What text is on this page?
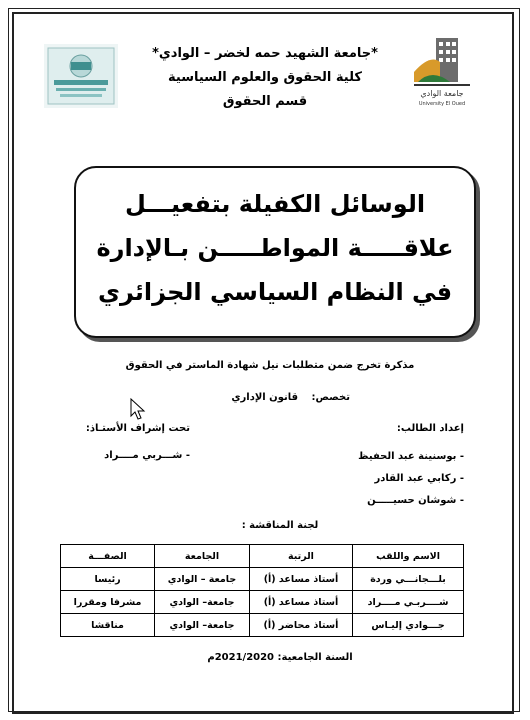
جامعة الوادي
University El Oued
*جامعة الشهيد حمه لخضر – الوادي*
كلية الحقوق والعلوم السياسية
قسم الحقوق
الوسائل الكفيلة بتفعيـــل
علاقـــــة المواطـــــن بـالإدارة
في النظام السياسي الجزائري
مذكرة تخرج ضمن متطلبات نيل شهادة الماستر في الحقوق
تخصص: قانون الإداري
إعداد الطالب:
تحت إشراف الأستـاذ:
- شـــربي مــــراد	- بوسنينة عبد الحفيظ
- ركابي عبد القادر
- شوشان حسيـــــن
لجنة المناقشة :
الاسم واللقب	الرتبة	الجامعة	الصفـــة
بلـــجانـــي وردة	أستاذ مساعد (أ)	جامعة – الوادي	رئيسا
شــــربـي مــــراد	أستاذ مساعد (أ)	جامعة– الوادي	مشرفا ومقررا
جـــوادي إليـاس	أستاذ محاضر (أ)	جامعة– الوادي	مناقشا
السنة الجامعية: 2021/2020م
